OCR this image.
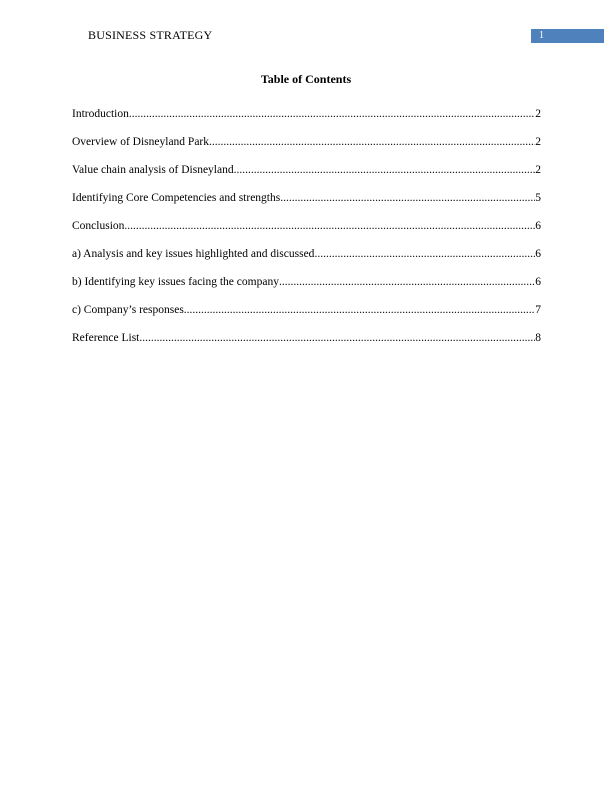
BUSINESS STRATEGY	1
Table of Contents
Introduction .....	2
Overview of Disneyland Park .....	2
Value chain analysis of Disneyland .....	2
Identifying Core Competencies and strengths .....	5
Conclusion .....	6
a) Analysis and key issues highlighted and discussed .....	6
b) Identifying key issues facing the company .....	6
c) Company’s responses .....	7
Reference List .....	8
